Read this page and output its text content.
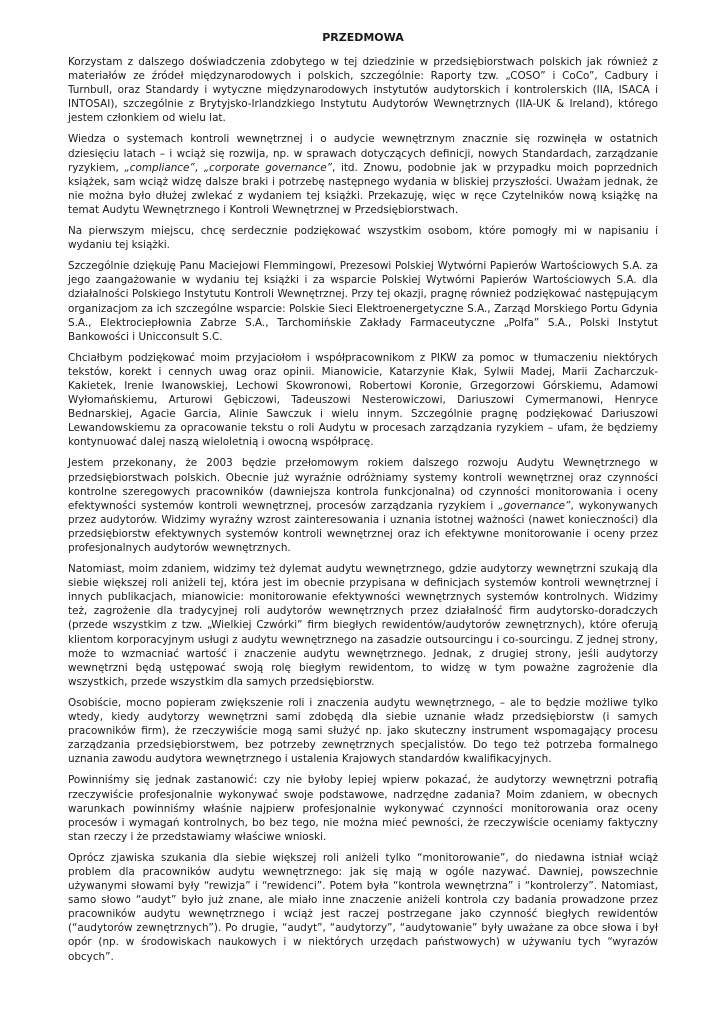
PRZEDMOWA

Korzystam z dalszego doświadczenia zdobytego w tej dziedzinie w przedsiębiorstwach polskich jak również z materiałów ze źródeł międzynarodowych i polskich, szczególnie: Raporty tzw. „COSO” i CoCo”, Cadbury i Turnbull, oraz Standardy i wytyczne międzynarodowych instytutów audytorskich i kontrolerskich (IIA, ISACA i INTOSAI), szczególnie z Brytyjsko-Irlandzkiego Instytutu Audytorów Wewnętrznych (IIA-UK & Ireland), którego jestem członkiem od wielu lat.

Wiedza o systemach kontroli wewnętrznej i o audycie wewnętrznym znacznie się rozwinęła w ostatnich dziesięciu latach – i wciąż się rozwija, np. w sprawach dotyczących definicji, nowych Standardach, zarządzanie ryzykiem, „compliance”, „corporate governance”, itd. Znowu, podobnie jak w przypadku moich poprzednich książek, sam wciąż widzę dalsze braki i potrzebę następnego wydania w bliskiej przyszłości. Uważam jednak, że nie można było dłużej zwlekać z wydaniem tej książki. Przekazuję, więc w ręce Czytelników nową książkę na temat Audytu Wewnętrznego i Kontroli Wewnętrznej w Przedsiębiorstwach.

Na pierwszym miejscu, chcę serdecznie podziękować wszystkim osobom, które pomogły mi w napisaniu i wydaniu tej książki.

Szczególnie dziękuję Panu Maciejowi Flemmingowi, Prezesowi Polskiej Wytwórni Papierów Wartościowych S.A. za jego zaangażowanie w wydaniu tej książki i za wsparcie Polskiej Wytwórni Papierów Wartościowych S.A. dla działalności Polskiego Instytutu Kontroli Wewnętrznej. Przy tej okazji, pragnę również podziękować następującym organizacjom za ich szczególne wsparcie: Polskie Sieci Elektroenergetyczne S.A., Zarząd Morskiego Portu Gdynia S.A., Elektrociepłownia Zabrze S.A., Tarchomińskie Zakłady Farmaceutyczne „Polfa” S.A., Polski Instytut Bankowości i Unicconsult S.C.

Chciałbym podziękować moim przyjaciołom i współpracownikom z PIKW za pomoc w tłumaczeniu niektórych tekstów, korekt i cennych uwag oraz opinii. Mianowicie, Katarzynie Kłak, Sylwii Madej, Marii Zacharczuk-Kakietek, Irenie Iwanowskiej, Lechowi Skowronowi, Robertowi Koronie, Grzegorzowi Górskiemu, Adamowi Wyłomańskiemu, Arturowi Gębiczowi, Tadeuszowi Nesterowiczowi, Dariuszowi Cymermanowi, Henryce Bednarskiej, Agacie Garcia, Alinie Sawczuk i wielu innym. Szczególnie pragnę podziękować Dariuszowi Lewandowskiemu za opracowanie tekstu o roli Audytu w procesach zarządzania ryzykiem – ufam, że będziemy kontynuować dalej naszą wieloletnią i owocną współpracę.

Jestem przekonany, że 2003 będzie przełomowym rokiem dalszego rozwoju Audytu Wewnętrznego w przedsiębiorstwach polskich. Obecnie już wyraźnie odróżniamy systemy kontroli wewnętrznej oraz czynności kontrolne szeregowych pracowników (dawniejsza kontrola funkcjonalna) od czynności monitorowania i oceny efektywności systemów kontroli wewnętrznej, procesów zarządzania ryzykiem i „governance”, wykonywanych przez audytorów. Widzimy wyraźny wzrost zainteresowania i uznania istotnej ważności (nawet konieczności) dla przedsiębiorstw efektywnych systemów kontroli wewnętrznej oraz ich efektywne monitorowanie i oceny przez profesjonalnych audytorów wewnętrznych.

Natomiast, moim zdaniem, widzimy też dylemat audytu wewnętrznego, gdzie audytorzy wewnętrzni szukają dla siebie większej roli aniżeli tej, która jest im obecnie przypisana w definicjach systemów kontroli wewnętrznej i innych publikacjach, mianowicie: monitorowanie efektywności wewnętrznych systemów kontrolnych. Widzimy też, zagrożenie dla tradycyjnej roli audytorów wewnętrznych przez działalność firm audytorsko-doradczych (przede wszystkim z tzw. „Wielkiej Czwórki” firm biegłych rewidentów/audytorów zewnętrznych), które oferują klientom korporacyjnym usługi z audytu wewnętrznego na zasadzie outsourcingu i co-sourcingu. Z jednej strony, może to wzmacniać wartość i znaczenie audytu wewnętrznego. Jednak, z drugiej strony, jeśli audytorzy wewnętrzni będą ustępować swoją rolę biegłym rewidentom, to widzę w tym poważne zagrożenie dla wszystkich, przede wszystkim dla samych przedsiębiorstw.

Osobiście, mocno popieram zwiększenie roli i znaczenia audytu wewnętrznego, – ale to będzie możliwe tylko wtedy, kiedy audytorzy wewnętrzni sami zdobędą dla siebie uznanie władz przedsiębiorstw (i samych pracowników firm), że rzeczywiście mogą sami służyć np. jako skuteczny instrument wspomagający procesu zarządzania przedsiębiorstwem, bez potrzeby zewnętrznych specjalistów. Do tego też potrzeba formalnego uznania zawodu audytora wewnętrznego i ustalenia Krajowych standardów kwalifikacyjnych.

Powinniśmy się jednak zastanowić: czy nie byłoby lepiej wpierw pokazać, że audytorzy wewnętrzni potrafią rzeczywiście profesjonalnie wykonywać swoje podstawowe, nadrzędne zadania? Moim zdaniem, w obecnych warunkach powinniśmy właśnie najpierw profesjonalnie wykonywać czynności monitorowania oraz oceny procesów i wymagań kontrolnych, bo bez tego, nie można mieć pewności, że rzeczywiście oceniamy faktyczny stan rzeczy i że przedstawiamy właściwe wnioski.

Oprócz zjawiska szukania dla siebie większej roli aniżeli tylko “monitorowanie”, do niedawna istniał wciąż problem dla pracowników audytu wewnętrznego: jak się mają w ogóle nazywać. Dawniej, powszechnie używanymi słowami były “rewizja” i “rewidenci”. Potem była “kontrola wewnętrzna” i “kontrolerzy”. Natomiast, samo słowo “audyt” było już znane, ale miało inne znaczenie aniżeli kontrola czy badania prowadzone przez pracowników audytu wewnętrznego i wciąż jest raczej postrzegane jako czynność biegłych rewidentów (“audytorów zewnętrznych”). Po drugie, “audyt”, “audytorzy”, “audytowanie” były uważane za obce słowa i był opór (np. w środowiskach naukowych i w niektórych urzędach państwowych) w używaniu tych “wyrazów obcych”.
